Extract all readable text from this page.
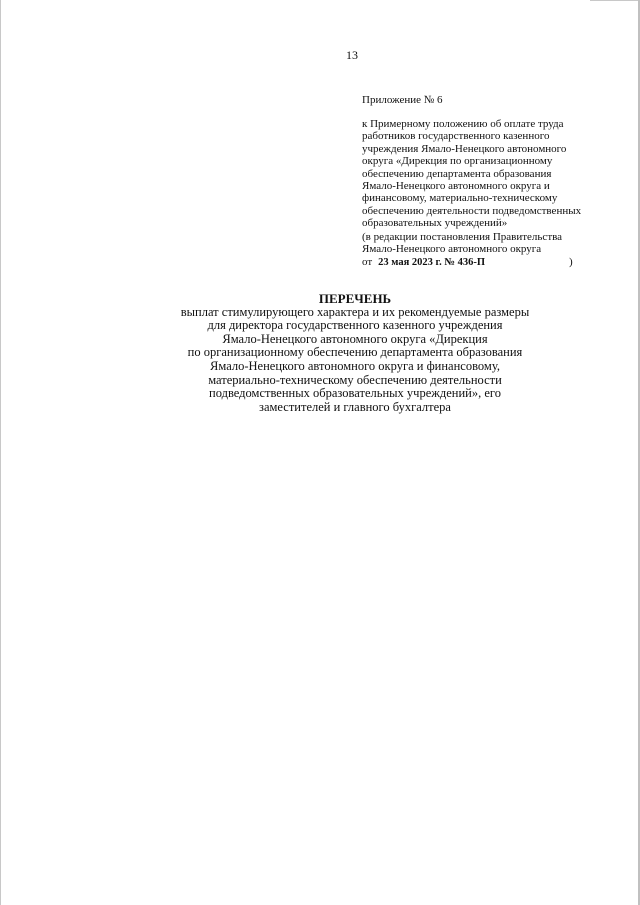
13
Приложение № 6
к Примерному положению об оплате труда
работников государственного казенного
учреждения Ямало-Ненецкого автономного
округа «Дирекция по организационному
обеспечению департамента образования
Ямало-Ненецкого автономного округа и
финансовому, материально-техническому
обеспечению деятельности подведомственных
образовательных учреждений»
(в редакции постановления Правительства
Ямало-Ненецкого автономного округа
от 23 мая 2023 г. № 436-П	)
ПЕРЕЧЕНЬ
выплат стимулирующего характера и их рекомендуемые размеры
для директора государственного казенного учреждения
Ямало-Ненецкого автономного округа «Дирекция
по организационному обеспечению департамента образования
Ямало-Ненецкого автономного округа и финансовому,
материально-техническому обеспечению деятельности
подведомственных образовательных учреждений», его
заместителей и главного бухгалтера
